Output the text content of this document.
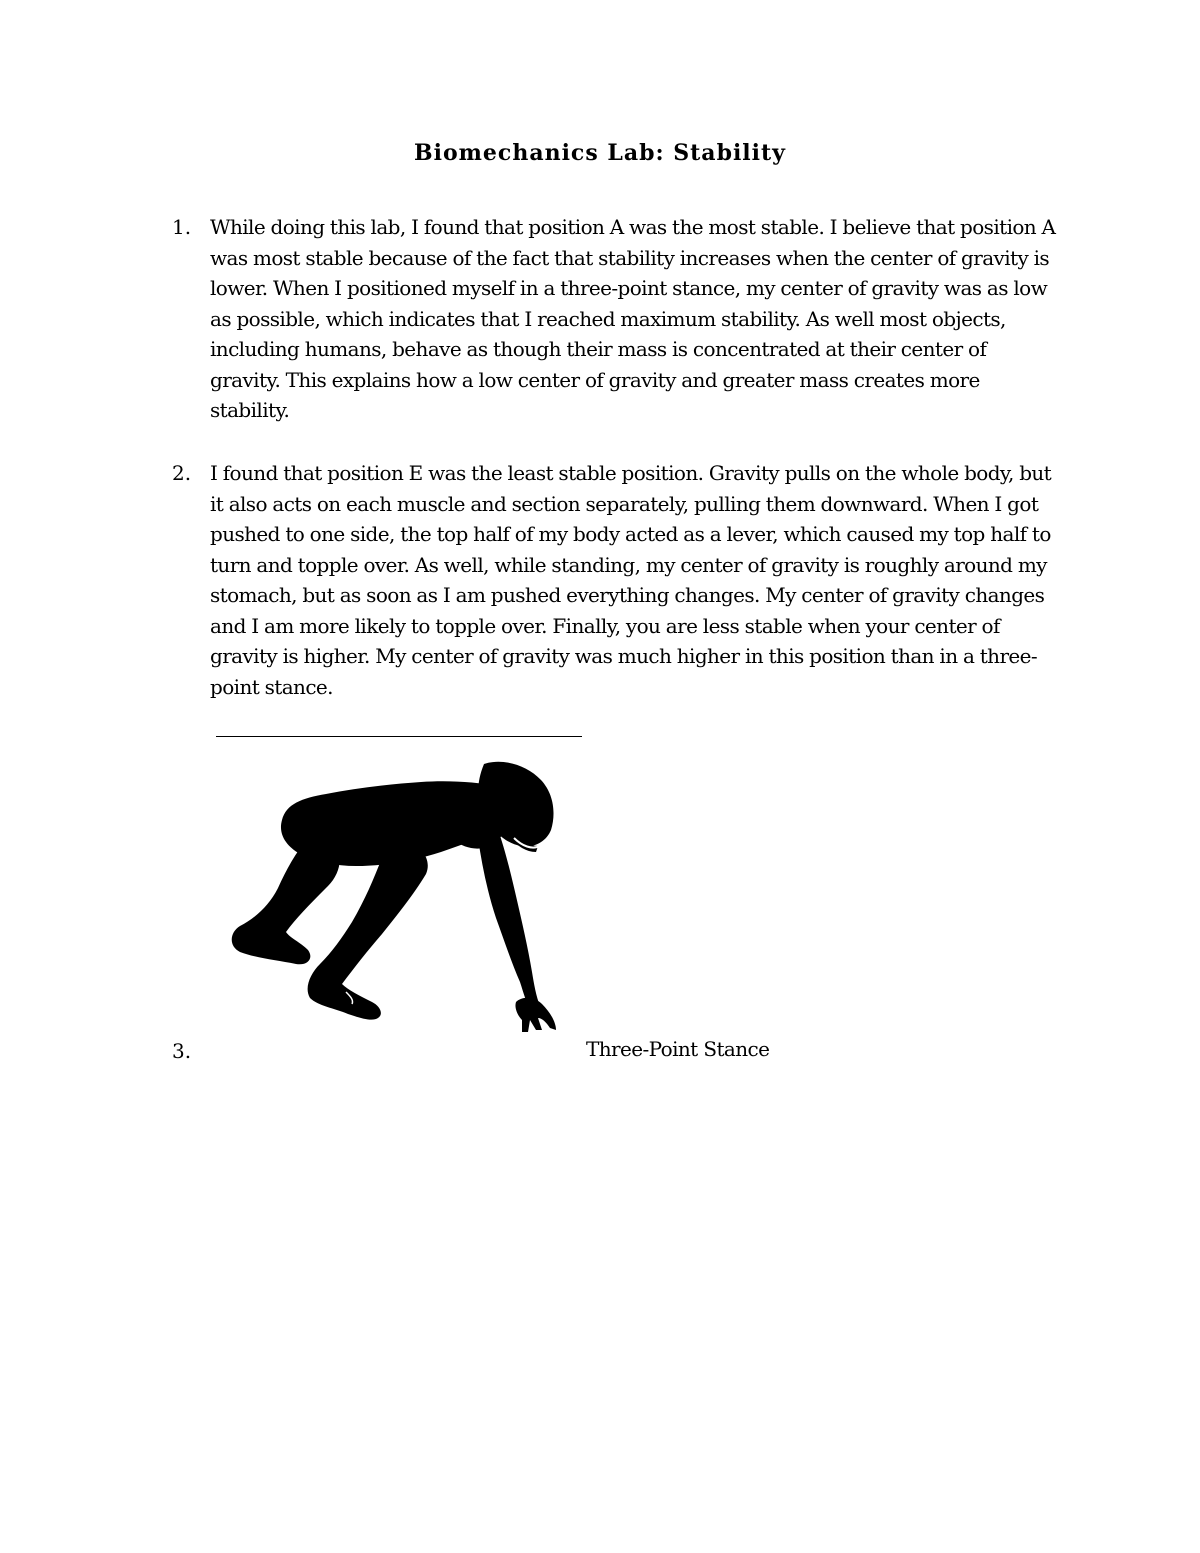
Biomechanics Lab: Stability
1. While doing this lab, I found that position A was the most stable. I believe that position A was most stable because of the fact that stability increases when the center of gravity is lower. When I positioned myself in a three-point stance, my center of gravity was as low as possible, which indicates that I reached maximum stability. As well most objects, including humans, behave as though their mass is concentrated at their center of gravity. This explains how a low center of gravity and greater mass creates more stability.
2. I found that position E was the least stable position. Gravity pulls on the whole body, but it also acts on each muscle and section separately, pulling them downward. When I got pushed to one side, the top half of my body acted as a lever, which caused my top half to turn and topple over. As well, while standing, my center of gravity is roughly around my stomach, but as soon as I am pushed everything changes. My center of gravity changes and I am more likely to topple over. Finally, you are less stable when your center of gravity is higher. My center of gravity was much higher in this position than in a three-point stance.
3.	Three-Point Stance
